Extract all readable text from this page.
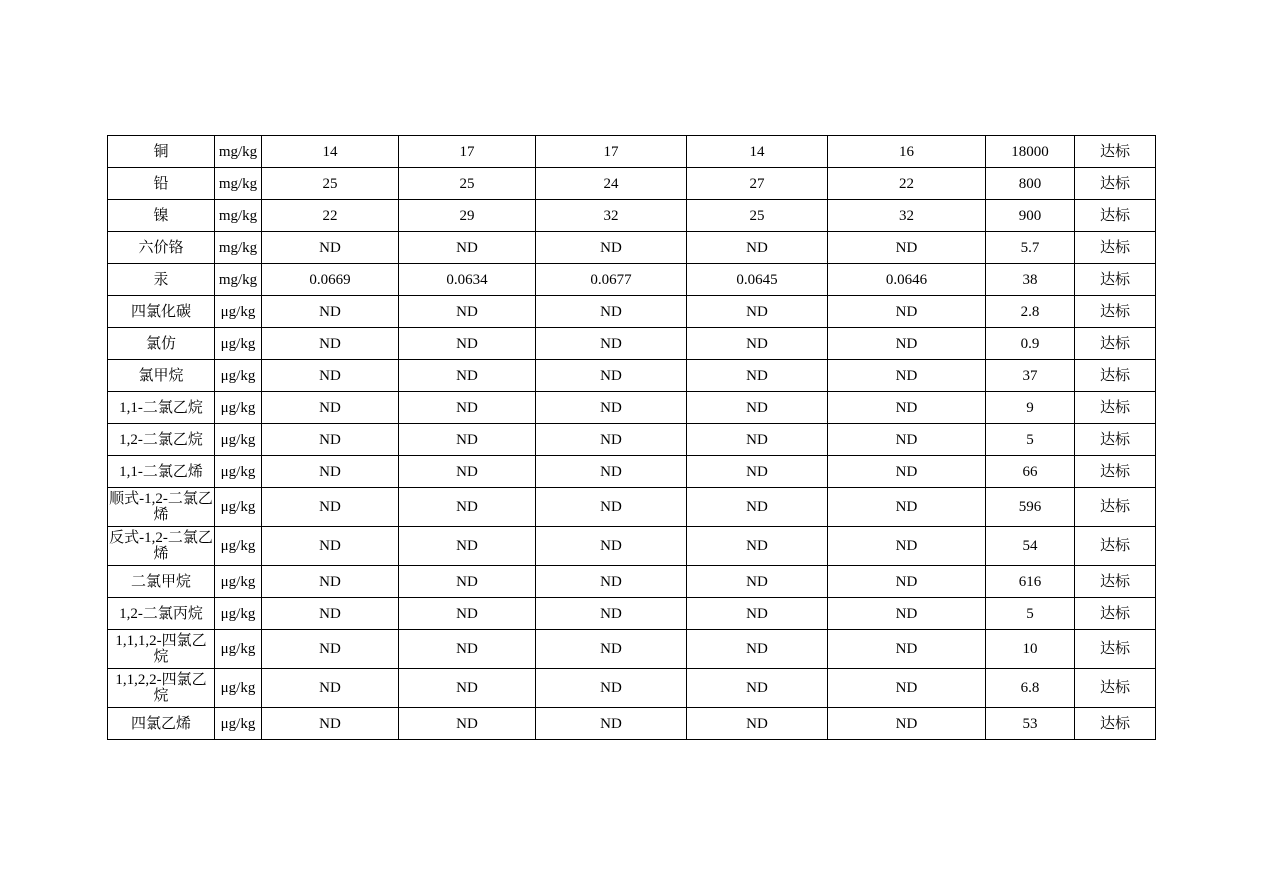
铜	mg/kg	14	17	17	14	16	18000	达标
铅	mg/kg	25	25	24	27	22	800	达标
镍	mg/kg	22	29	32	25	32	900	达标
六价铬	mg/kg	ND	ND	ND	ND	ND	5.7	达标
汞	mg/kg	0.0669	0.0634	0.0677	0.0645	0.0646	38	达标
四氯化碳	μg/kg	ND	ND	ND	ND	ND	2.8	达标
氯仿	μg/kg	ND	ND	ND	ND	ND	0.9	达标
氯甲烷	μg/kg	ND	ND	ND	ND	ND	37	达标
1,1-二氯乙烷	μg/kg	ND	ND	ND	ND	ND	9	达标
1,2-二氯乙烷	μg/kg	ND	ND	ND	ND	ND	5	达标
1,1-二氯乙烯	μg/kg	ND	ND	ND	ND	ND	66	达标
顺式-1,2-二氯乙烯	μg/kg	ND	ND	ND	ND	ND	596	达标
反式-1,2-二氯乙烯	μg/kg	ND	ND	ND	ND	ND	54	达标
二氯甲烷	μg/kg	ND	ND	ND	ND	ND	616	达标
1,2-二氯丙烷	μg/kg	ND	ND	ND	ND	ND	5	达标
1,1,1,2-四氯乙烷	μg/kg	ND	ND	ND	ND	ND	10	达标
1,1,2,2-四氯乙烷	μg/kg	ND	ND	ND	ND	ND	6.8	达标
四氯乙烯	μg/kg	ND	ND	ND	ND	ND	53	达标
